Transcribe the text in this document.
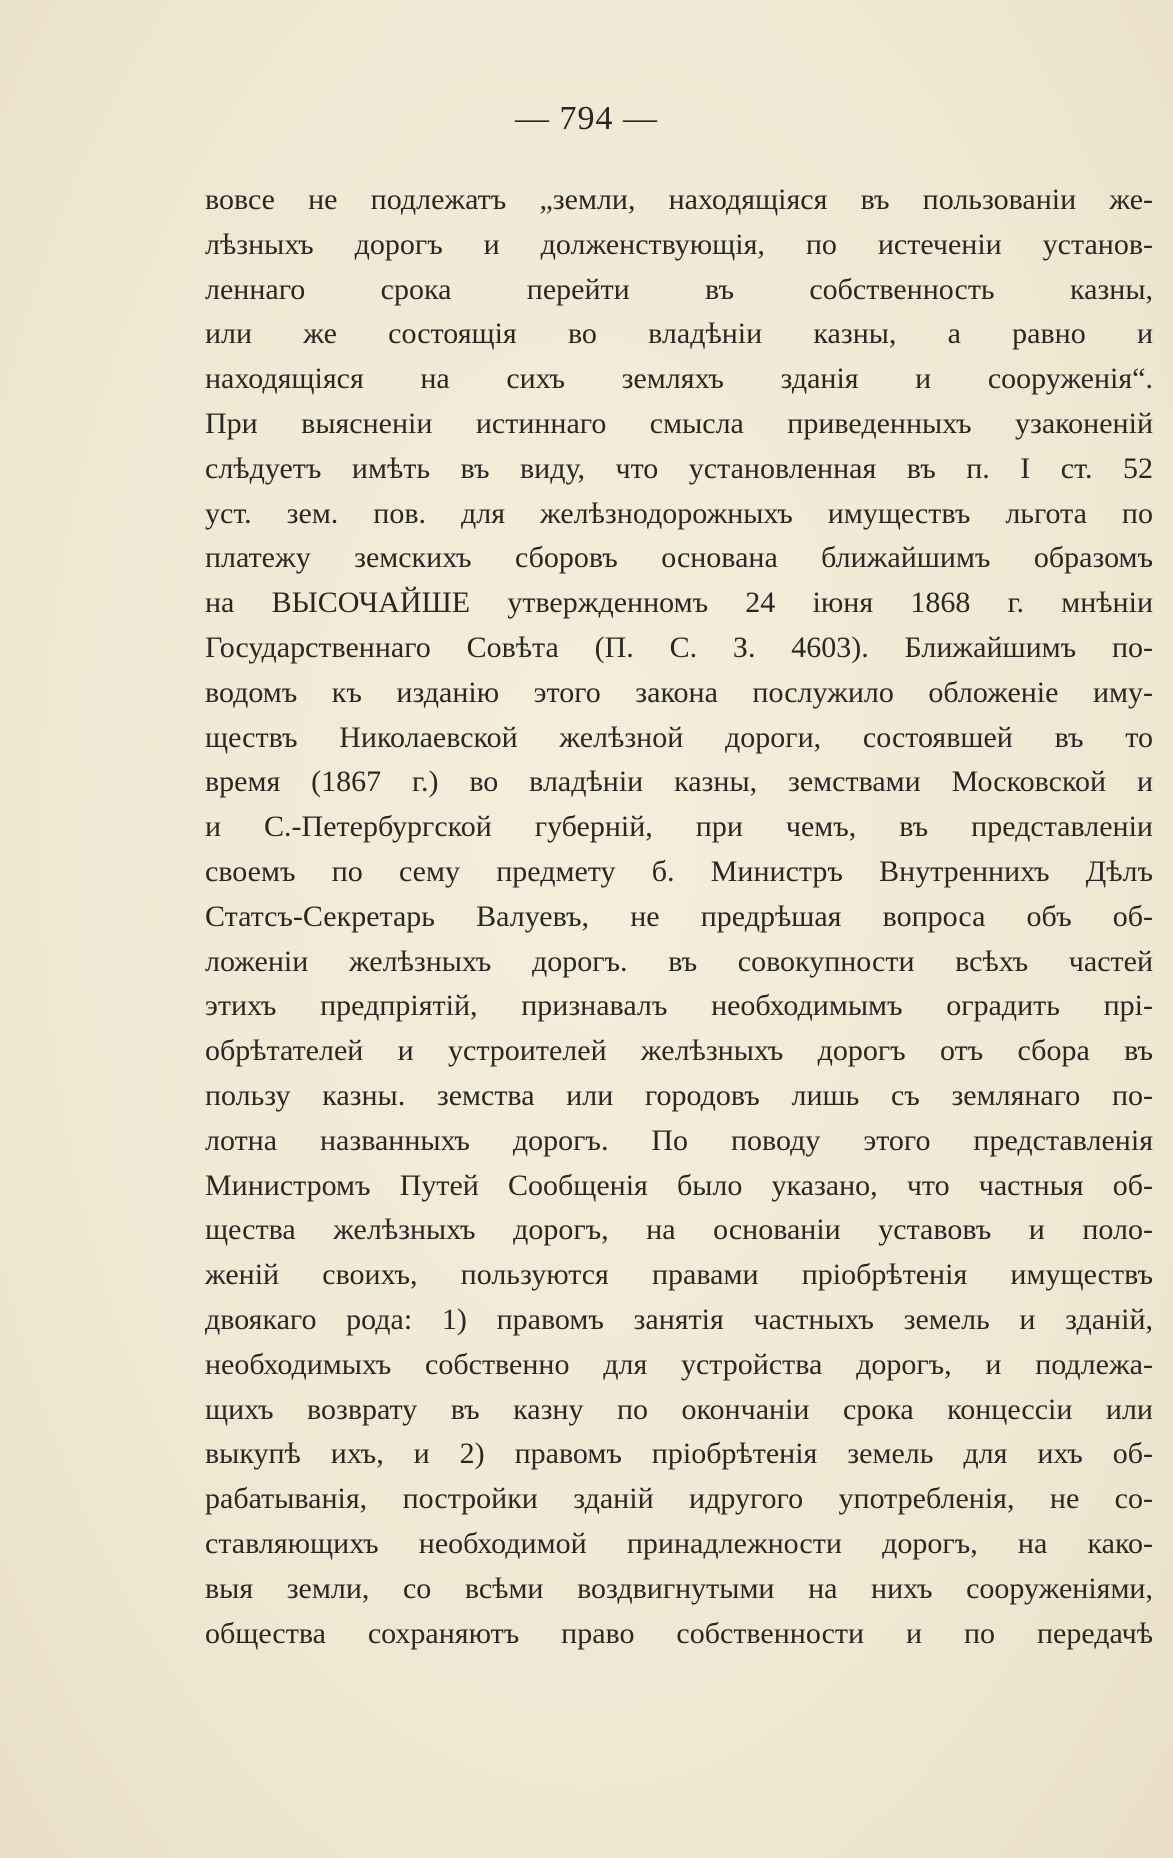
— 794 —
вовсе не подлежатъ „земли, находящіяся въ пользованіи же-
лѣзныхъ дорогъ и долженствующія, по истеченіи установ-
леннаго срока перейти въ собственность казны,
или же состоящія во владѣніи казны, а равно и
находящіяся на сихъ земляхъ зданія и сооруженія“.
При выясненіи истиннаго смысла приведенныхъ узаконеній
слѣдуетъ имѣть въ виду, что установленная въ п. I ст. 52
уст. зем. пов. для желѣзнодорожныхъ имуществъ льгота по
платежу земскихъ сборовъ основана ближайшимъ образомъ
на ВЫСОЧАЙШЕ утвержденномъ 24 іюня 1868 г. мнѣніи
Государственнаго Совѣта (П. С. З. 4603). Ближайшимъ по-
водомъ къ изданію этого закона послужило обложеніе иму-
ществъ Николаевской желѣзной дороги, состоявшей въ то
время (1867 г.) во владѣніи казны, земствами Московской и
и С.-Петербургской губерній, при чемъ, въ представленіи
своемъ по сему предмету б. Министръ Внутреннихъ Дѣлъ
Статсъ-Секретарь Валуевъ, не предрѣшая вопроса объ об-
ложеніи желѣзныхъ дорогъ. въ совокупности всѣхъ частей
этихъ предпріятій, признавалъ необходимымъ оградить прі-
обрѣтателей и устроителей желѣзныхъ дорогъ отъ сбора въ
пользу казны. земства или городовъ лишь съ землянаго по-
лотна названныхъ дорогъ. По поводу этого представленія
Министромъ Путей Сообщенія было указано, что частныя об-
щества желѣзныхъ дорогъ, на основаніи уставовъ и поло-
женій своихъ, пользуются правами пріобрѣтенія имуществъ
двоякаго рода: 1) правомъ занятія частныхъ земель и зданій,
необходимыхъ собственно для устройства дорогъ, и подлежа-
щихъ возврату въ казну по окончаніи срока концессіи или
выкупѣ ихъ, и 2) правомъ пріобрѣтенія земель для ихъ об-
рабатыванія, постройки зданій идругого употребленія, не со-
ставляющихъ необходимой принадлежности дорогъ, на како-
выя земли, со всѣми воздвигнутыми на нихъ сооруженіями,
общества сохраняютъ право собственности и по передачѣ
